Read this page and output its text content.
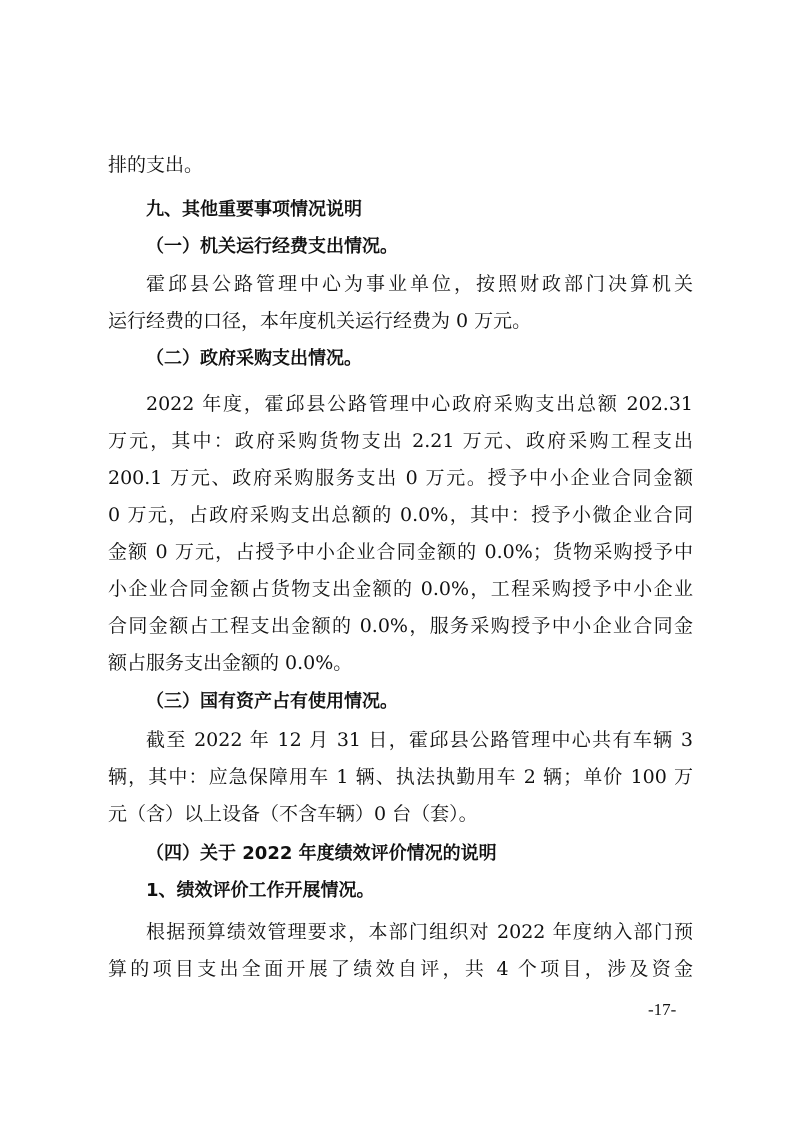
排的支出。
九、其他重要事项情况说明
（一）机关运行经费支出情况。
霍邱县公路管理中心为事业单位，按照财政部门决算机关
运行经费的口径，本年度机关运行经费为 0 万元。
（二）政府采购支出情况。
2022 年度，霍邱县公路管理中心政府采购支出总额 202.31
万元，其中：政府采购货物支出 2.21 万元、政府采购工程支出
200.1 万元、政府采购服务支出 0 万元。授予中小企业合同金额
0 万元，占政府采购支出总额的 0.0%，其中：授予小微企业合同
金额 0 万元，占授予中小企业合同金额的 0.0%；货物采购授予中
小企业合同金额占货物支出金额的 0.0%，工程采购授予中小企业
合同金额占工程支出金额的 0.0%，服务采购授予中小企业合同金
额占服务支出金额的 0.0%。
（三）国有资产占有使用情况。
截至 2022 年 12 月 31 日，霍邱县公路管理中心共有车辆 3
辆，其中：应急保障用车 1 辆、执法执勤用车 2 辆；单价 100 万
元（含）以上设备（不含车辆）0 台（套）。
（四）关于 2022 年度绩效评价情况的说明
1、绩效评价工作开展情况。
根据预算绩效管理要求，本部门组织对 2022 年度纳入部门预
算的项目支出全面开展了绩效自评，共 4 个项目，涉及资金
-17-
